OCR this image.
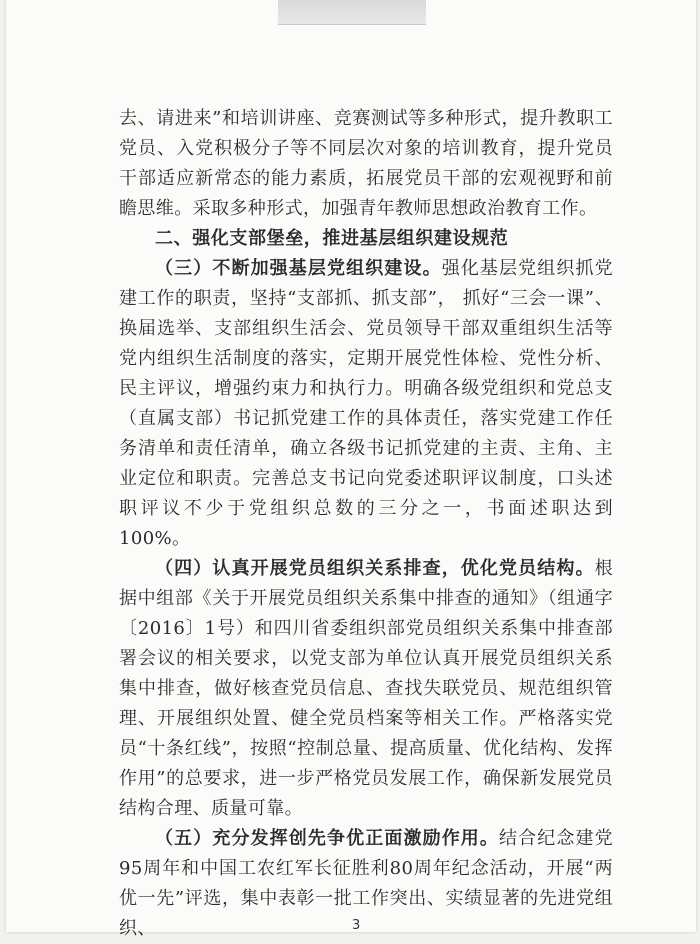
去、请进来”和培训讲座、竞赛测试等多种形式，提升教职工党员、入党积极分子等不同层次对象的培训教育，提升党员干部适应新常态的能力素质，拓展党员干部的宏观视野和前瞻思维。采取多种形式，加强青年教师思想政治教育工作。

二、强化支部堡垒，推进基层组织建设规范

（三）不断加强基层党组织建设。强化基层党组织抓党建工作的职责，坚持“支部抓、抓支部”， 抓好“三会一课”、换届选举、支部组织生活会、党员领导干部双重组织生活等党内组织生活制度的落实，定期开展党性体检、党性分析、民主评议，增强约束力和执行力。明确各级党组织和党总支（直属支部）书记抓党建工作的具体责任，落实党建工作任务清单和责任清单，确立各级书记抓党建的主责、主角、主业定位和职责。完善总支书记向党委述职评议制度，口头述职评议不少于党组织总数的三分之一，书面述职达到100%。

（四）认真开展党员组织关系排查，优化党员结构。根据中组部《关于开展党员组织关系集中排查的通知》（组通字〔2016〕1号）和四川省委组织部党员组织关系集中排查部署会议的相关要求，以党支部为单位认真开展党员组织关系集中排查，做好核查党员信息、查找失联党员、规范组织管理、开展组织处置、健全党员档案等相关工作。严格落实党员“十条红线”，按照“控制总量、提高质量、优化结构、发挥作用”的总要求，进一步严格党员发展工作，确保新发展党员结构合理、质量可靠。

（五）充分发挥创先争优正面激励作用。结合纪念建党95周年和中国工农红军长征胜利80周年纪念活动，开展“两优一先”评选，集中表彰一批工作突出、实绩显著的先进党组织、	3
